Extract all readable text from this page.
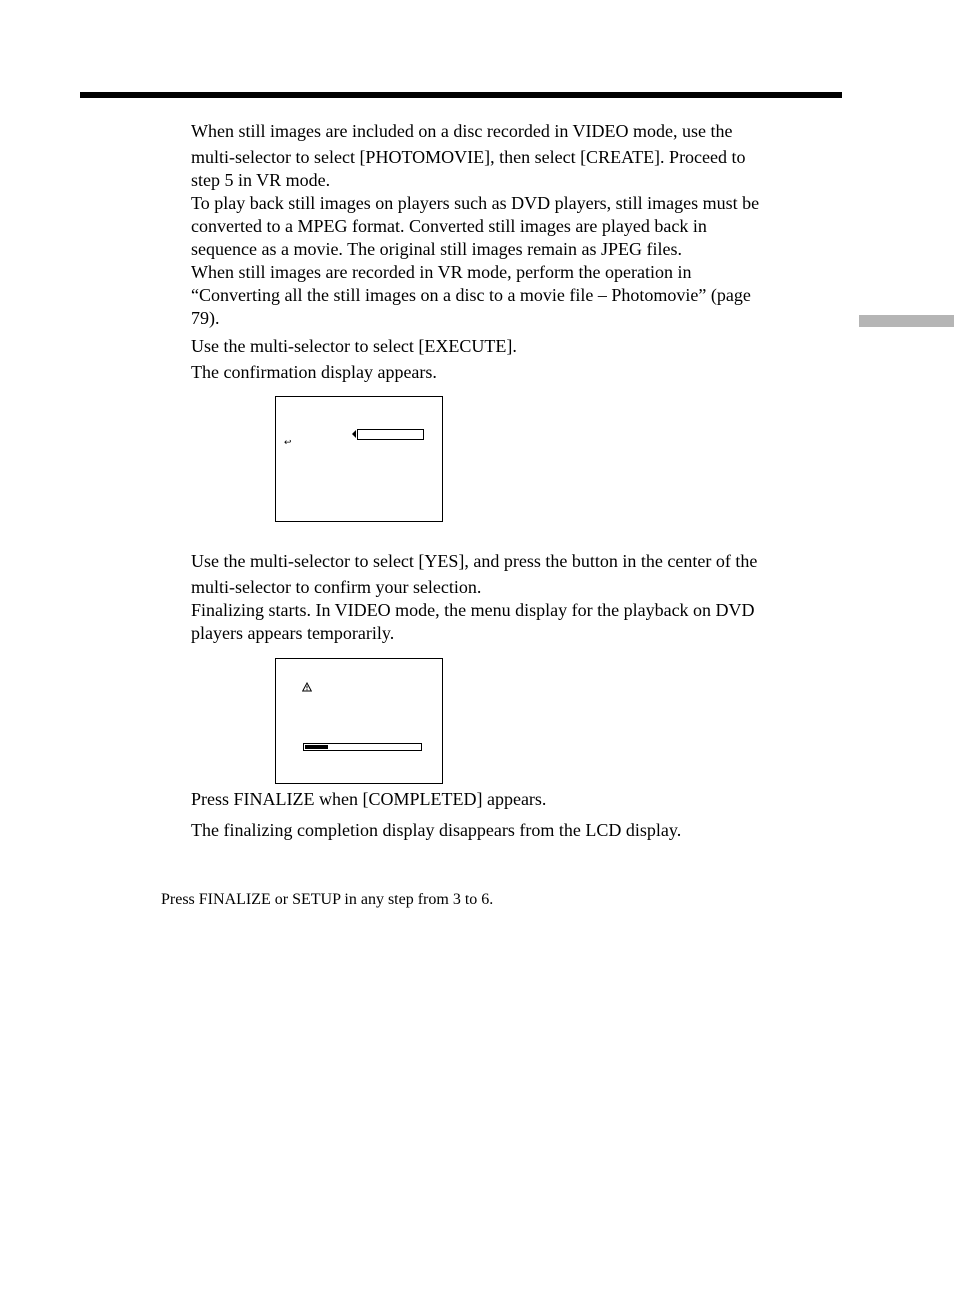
When still images are included on a disc recorded in VIDEO mode, use the
multi-selector to select [PHOTOMOVIE], then select [CREATE]. Proceed to
step 5 in VR mode.
To play back still images on players such as DVD players, still images must be
converted to a MPEG format. Converted still images are played back in
sequence as a movie. The original still images remain as JPEG files.
When still images are recorded in VR mode, perform the operation in
“Converting all the still images on a disc to a movie file – Photomovie” (page
79).
Use the multi-selector to select [EXECUTE].
The confirmation display appears.
↩
Use the multi-selector to select [YES], and press the button in the center of the
multi-selector to confirm your selection.
Finalizing starts. In VIDEO mode, the menu display for the playback on DVD
players appears temporarily.
Press FINALIZE when [COMPLETED] appears.
The finalizing completion display disappears from the LCD display.
Press FINALIZE or SETUP in any step from 3 to 6.
